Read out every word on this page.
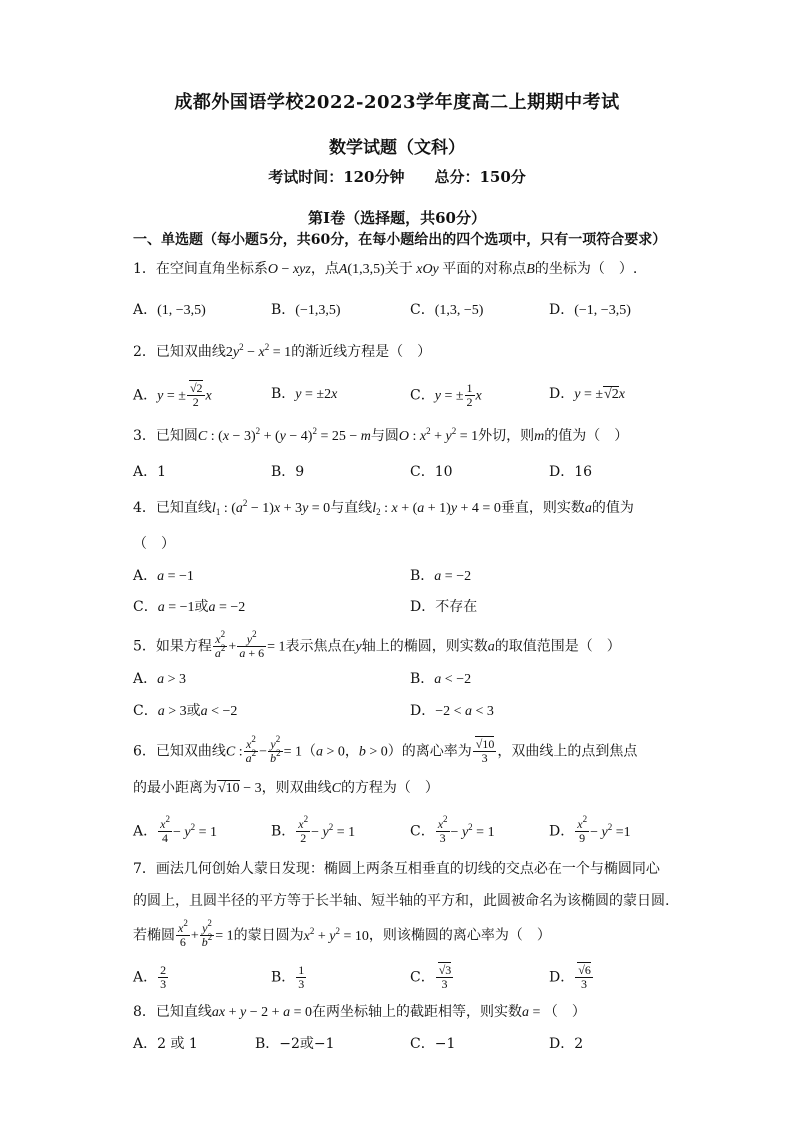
成都外国语学校2022-2023学年度高二上期期中考试
数学试题（文科）
考试时间：120分钟 总分：150分
第I卷（选择题，共60分）
一、单选题（每小题5分，共60分，在每小题给出的四个选项中，只有一项符合要求）
1．在空间直角坐标系O − xyz，点A(1,3,5)关于 xOy 平面的对称点B的坐标为（　）.
A．(1, −3,5)	B．(−1,3,5)	C．(1,3, −5)	D．(−1, −3,5)
2．已知双曲线$2y^2 - x^2 = 1$的渐近线方程是（　）
A．y = ± $\frac{√2}{2}$ x	B．y = ±2x	C．y = ± $\frac{1}{2}$ x	D．y = ±√2x
3．已知圆C : $(x - 3)^2 + (y - 4)^2 = 25 - m$与圆O : $x^2 + y^2 = 1$外切，则m的值为（　）
A．1	B．9	C．10	D．16
4．已知直线$l_1$ : $(a^2 - 1)x + 3y = 0$与直线$l_2$ : x + (a + 1)y + 4 = 0垂直，则实数a的值为
（　）
A．a = −1	B．a = −2
C．a = −1或a = −2	D．不存在
5．如果方程 $\frac{x^2}{a^2} + \frac{y^2}{a + 6} = 1$表示焦点在y轴上的椭圆，则实数a的取值范围是（　）
A．a > 3	B．a < −2
C．a > 3或a < −2	D．−2 < a < 3
6．已知双曲线C : $\frac{x^2}{a^2} - \frac{y^2}{b^2} = 1(a > 0$，b > 0）的离心率为 $\frac{√10}{3}$ ，双曲线上的点到焦点
的最小距离为√10 − 3，则双曲线C的方程为（　）
A． $\frac{x^2}{4} - y^2 = 1$	B． $\frac{x^2}{2} - y^2 = 1$	C． $\frac{x^2}{3} - y^2 = 1$	D． $\frac{x^2}{9} - y^2 =1$
7．画法几何创始人蒙日发现：椭圆上两条互相垂直的切线的交点必在一个与椭圆同心
的圆上，且圆半径的平方等于长半轴、短半轴的平方和，此圆被命名为该椭圆的蒙日圆.
若椭圆 $\frac{x^2}{6} + \frac{y^2}{b^2} = 1$的蒙日圆为$x^2 + y^2 = 10$，则该椭圆的离心率为（　）
A． $\frac{2}{3}$	B． $\frac{1}{3}$	C． $\frac{√3}{3}$	D． $\frac{√6}{3}$
8．已知直线ax + y − 2 + a = 0在两坐标轴上的截距相等，则实数a = （　）
A．2 或 1	B．−2或−1	C．−1	D．2
